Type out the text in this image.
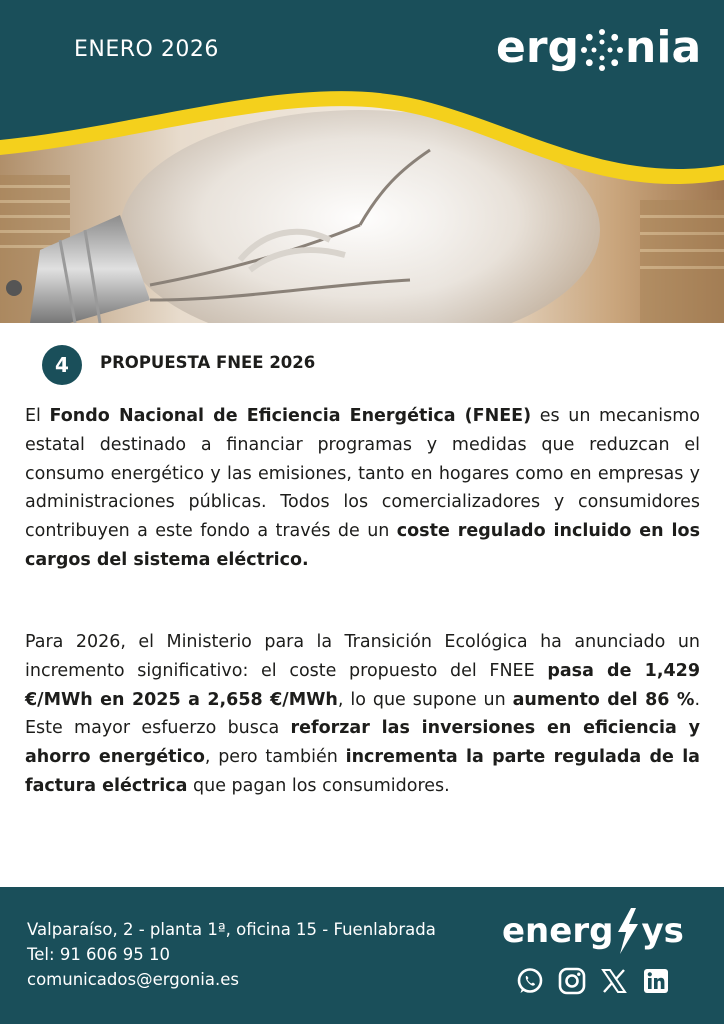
ENERO 2026	erg nia
4	PROPUESTA FNEE 2026

El Fondo Nacional de Eficiencia Energética (FNEE) es un mecanismo estatal destinado a financiar programas y medidas que reduzcan el consumo energético y las emisiones, tanto en hogares como en empresas y administraciones públicas. Todos los comercializadores y consumidores contribuyen a este fondo a través de un coste regulado incluido en los cargos del sistema eléctrico.

Para 2026, el Ministerio para la Transición Ecológica ha anunciado un incremento significativo: el coste propuesto del FNEE pasa de 1,429 €/MWh en 2025 a 2,658 €/MWh, lo que supone un aumento del 86 %. Este mayor esfuerzo busca reforzar las inversiones en eficiencia y ahorro energético, pero también incrementa la parte regulada de la factura eléctrica que pagan los consumidores.

Valparaíso, 2 - planta 1ª, oficina 15 - Fuenlabrada
Tel: 91 606 95 10
comunicados@ergonia.es
energ ys
